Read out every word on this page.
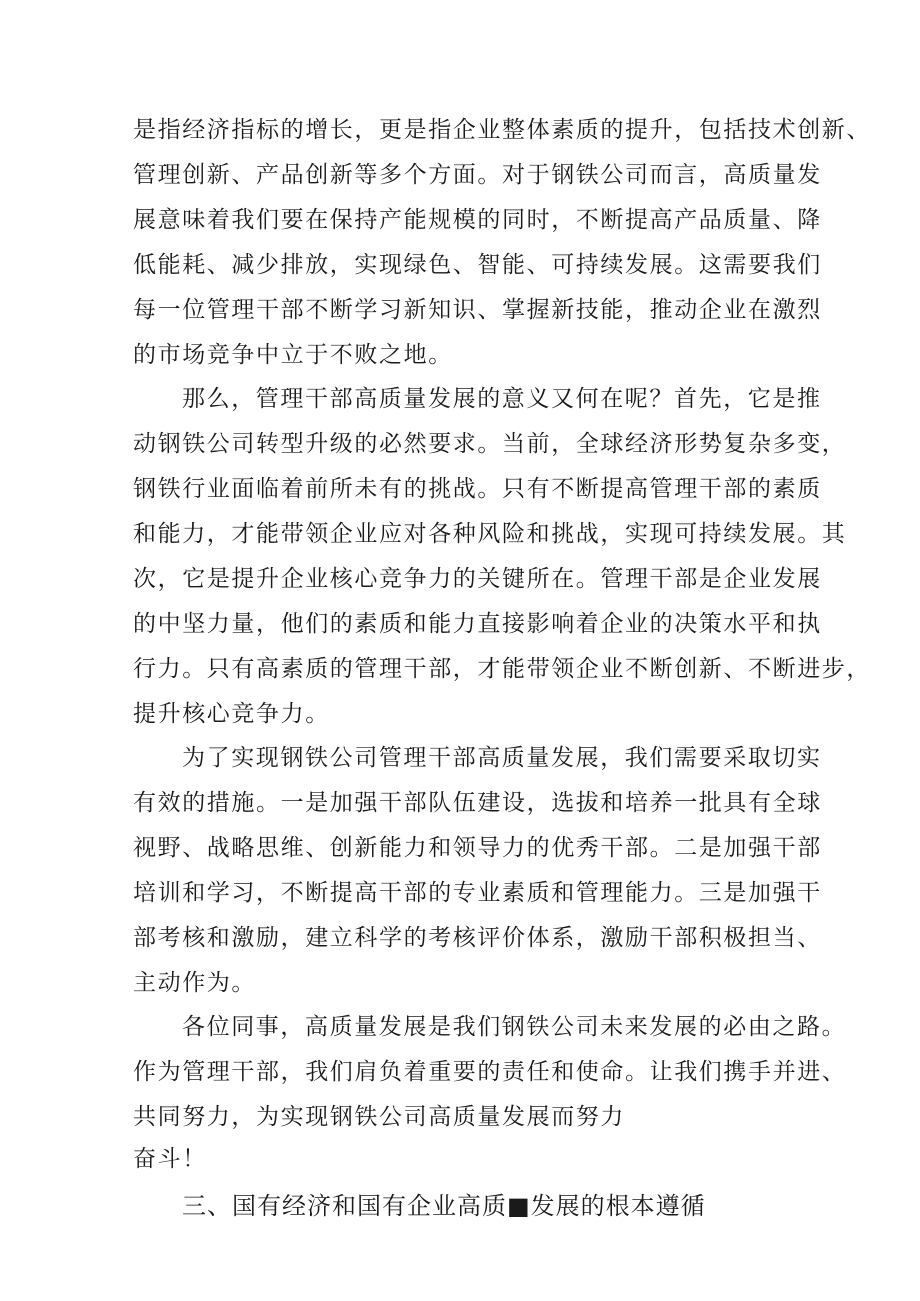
是指经济指标的增长，更是指企业整体素质的提升，包括技术创新、
管理创新、产品创新等多个方面。对于钢铁公司而言，高质量发
展意味着我们要在保持产能规模的同时，不断提高产品质量、降
低能耗、减少排放，实现绿色、智能、可持续发展。这需要我们
每一位管理干部不断学习新知识、掌握新技能，推动企业在激烈
的市场竞争中立于不败之地。
那么，管理干部高质量发展的意义又何在呢？首先，它是推
动钢铁公司转型升级的必然要求。当前，全球经济形势复杂多变，
钢铁行业面临着前所未有的挑战。只有不断提高管理干部的素质
和能力，才能带领企业应对各种风险和挑战，实现可持续发展。其
次，它是提升企业核心竞争力的关键所在。管理干部是企业发展
的中坚力量，他们的素质和能力直接影响着企业的决策水平和执
行力。只有高素质的管理干部，才能带领企业不断创新、不断进步，
提升核心竞争力。
为了实现钢铁公司管理干部高质量发展，我们需要采取切实
有效的措施。一是加强干部队伍建设，选拔和培养一批具有全球
视野、战略思维、创新能力和领导力的优秀干部。二是加强干部
培训和学习，不断提高干部的专业素质和管理能力。三是加强干
部考核和激励，建立科学的考核评价体系，激励干部积极担当、
主动作为。
各位同事，高质量发展是我们钢铁公司未来发展的必由之路。
作为管理干部，我们肩负着重要的责任和使命。让我们携手并进、
共同努力，为实现钢铁公司高质量发展而努力
奋斗！
三、国有经济和国有企业高质■发展的根本遵循
